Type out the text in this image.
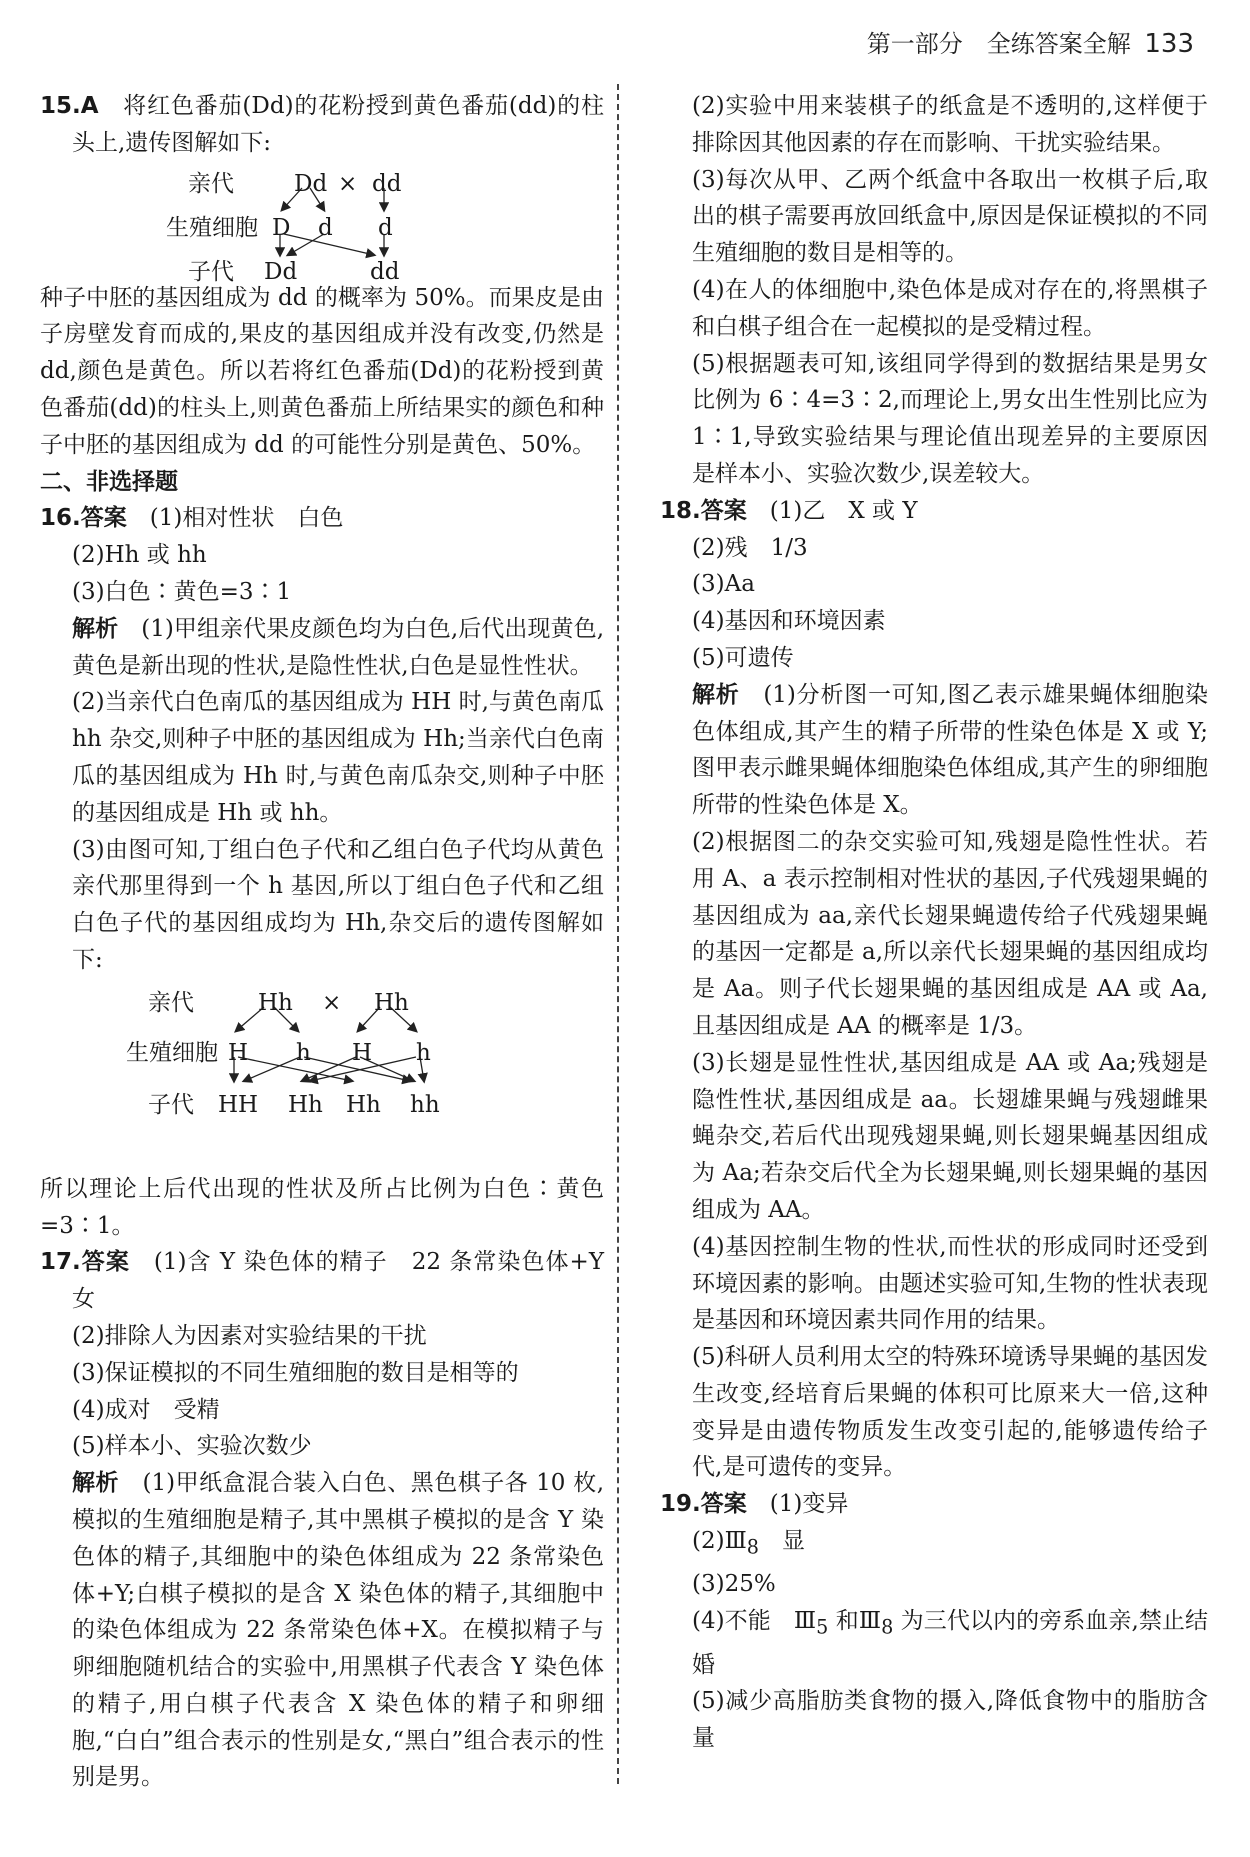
第一部分　全练答案全解 133

15.A　 将红色番茄(Dd)的花粉授到黄色番茄(dd)的柱头上,遗传图解如下:

亲代	Dd × dd
生殖细胞 D d d
子代 Dd	dd

种子中胚的基因组成为 dd 的概率为 50%。而果皮是由子房壁发育而成的,果皮的基因组成并没有改变,仍然是 dd,颜色是黄色。所以若将红色番茄(Dd)的花粉授到黄色番茄(dd)的柱头上,则黄色番茄上所结果实的颜色和种子中胚的基因组成为 dd 的可能性分别是黄色、50%。

二、非选择题

16.答案　 (1)相对性状　白色

(2)Hh 或 hh

(3)白色∶黄色=3∶1

解析　 (1)甲组亲代果皮颜色均为白色,后代出现黄色,黄色是新出现的性状,是隐性性状,白色是显性性状。

(2)当亲代白色南瓜的基因组成为 HH 时,与黄色南瓜 hh 杂交,则种子中胚的基因组成为 Hh;当亲代白色南瓜的基因组成为 Hh 时,与黄色南瓜杂交,则种子中胚的基因组成是 Hh 或 hh。

(3)由图可知,丁组白色子代和乙组白色子代均从黄色亲代那里得到一个 h 基因,所以丁组白色子代和乙组白色子代的基因组成均为 Hh,杂交后的遗传图解如下:

亲代	Hh × Hh
生殖细胞 H h H h
子代 HH Hh Hh hh

所以理论上后代出现的性状及所占比例为白色∶黄色=3∶1。

17.答案　 (1)含 Y 染色体的精子　22 条常染色体+Y　女

(2)排除人为因素对实验结果的干扰

(3)保证模拟的不同生殖细胞的数目是相等的

(4)成对　受精

(5)样本小、实验次数少

解析　 (1)甲纸盒混合装入白色、黑色棋子各 10 枚,模拟的生殖细胞是精子,其中黑棋子模拟的是含 Y 染色体的精子,其细胞中的染色体组成为 22 条常染色体+Y;白棋子模拟的是含 X 染色体的精子,其细胞中的染色体组成为 22 条常染色体+X。在模拟精子与卵细胞随机结合的实验中,用黑棋子代表含 Y 染色体的精子,用白棋子代表含 X 染色体的精子和卵细胞,“白白”组合表示的性别是女,“黑白”组合表示的性别是男。

(2)实验中用来装棋子的纸盒是不透明的,这样便于排除因其他因素的存在而影响、干扰实验结果。

(3)每次从甲、乙两个纸盒中各取出一枚棋子后,取出的棋子需要再放回纸盒中,原因是保证模拟的不同生殖细胞的数目是相等的。

(4)在人的体细胞中,染色体是成对存在的,将黑棋子和白棋子组合在一起模拟的是受精过程。

(5)根据题表可知,该组同学得到的数据结果是男女比例为 6∶4=3∶2,而理论上,男女出生性别比应为 1∶1,导致实验结果与理论值出现差异的主要原因是样本小、实验次数少,误差较大。

18.答案　 (1)乙　X 或 Y

(2)残　1/3

(3)Aa

(4)基因和环境因素

(5)可遗传

解析　 (1)分析图一可知,图乙表示雄果蝇体细胞染色体组成,其产生的精子所带的性染色体是 X 或 Y;图甲表示雌果蝇体细胞染色体组成,其产生的卵细胞所带的性染色体是 X。

(2)根据图二的杂交实验可知,残翅是隐性性状。若用 A、a 表示控制相对性状的基因,子代残翅果蝇的基因组成为 aa,亲代长翅果蝇遗传给子代残翅果蝇的基因一定都是 a,所以亲代长翅果蝇的基因组成均是 Aa。则子代长翅果蝇的基因组成是 AA 或 Aa,且基因组成是 AA 的概率是 1/3。

(3)长翅是显性性状,基因组成是 AA 或 Aa;残翅是隐性性状,基因组成是 aa。长翅雄果蝇与残翅雌果蝇杂交,若后代出现残翅果蝇,则长翅果蝇基因组成为 Aa;若杂交后代全为长翅果蝇,则长翅果蝇的基因组成为 AA。

(4)基因控制生物的性状,而性状的形成同时还受到环境因素的影响。由题述实验可知,生物的性状表现是基因和环境因素共同作用的结果。

(5)科研人员利用太空的特殊环境诱导果蝇的基因发生改变,经培育后果蝇的体积可比原来大一倍,这种变异是由遗传物质发生改变引起的,能够遗传给子代,是可遗传的变异。

19.答案　 (1)变异

$(2)Ⅲ_8$　显

(3)25%

(4)不能　$Ⅲ_5$ 和$Ⅲ_8$ 为三代以内的旁系血亲,禁止结婚

(5)减少高脂肪类食物的摄入,降低食物中的脂肪含量
